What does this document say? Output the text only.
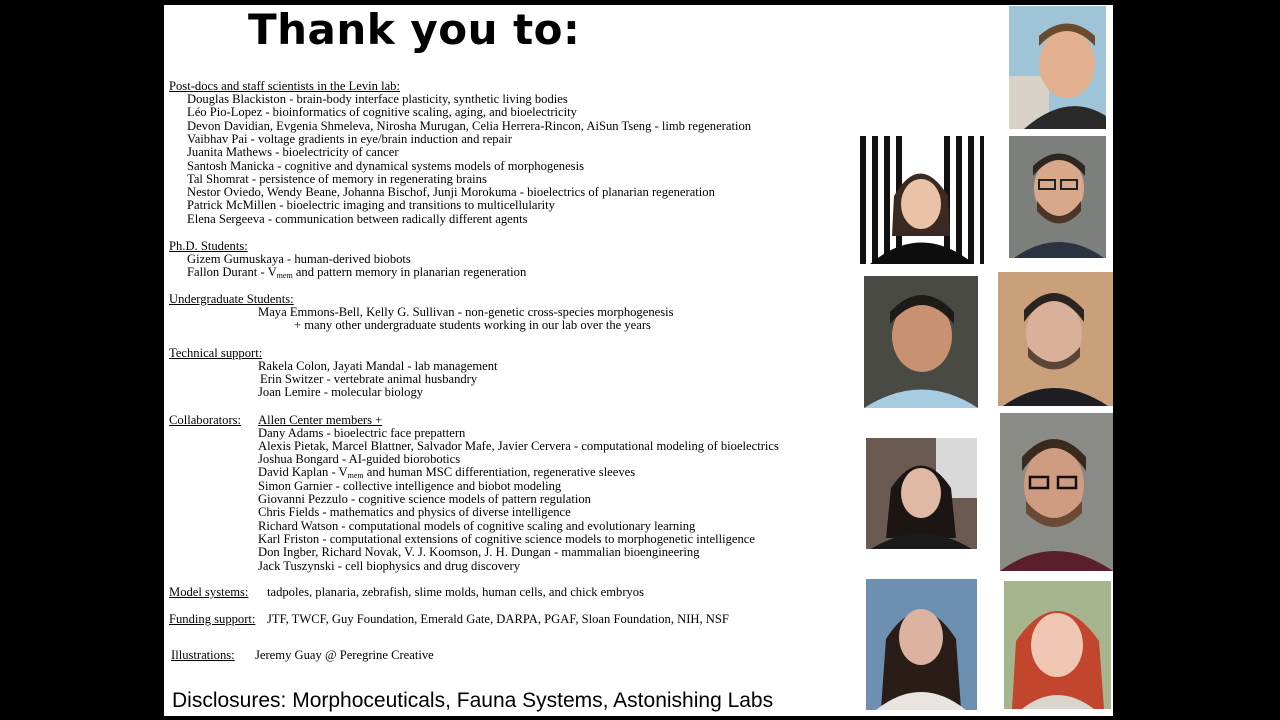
Thank you to:
Post-docs and staff scientists in the Levin lab:
Douglas Blackiston - brain-body interface plasticity, synthetic living bodies
Léo Pio-Lopez - bioinformatics of cognitive scaling, aging, and bioelectricity
Devon Davidian, Evgenia Shmeleva, Nirosha Murugan, Celia Herrera-Rincon, AiSun Tseng - limb regeneration
Vaibhav Pai - voltage gradients in eye/brain induction and repair
Juanita Mathews - bioelectricity of cancer
Santosh Manicka - cognitive and dynamical systems models of morphogenesis
Tal Shomrat - persistence of memory in regenerating brains
Nestor Oviedo, Wendy Beane, Johanna Bischof, Junji Morokuma - bioelectrics of planarian regeneration
Patrick McMillen - bioelectric imaging and transitions to multicellularity
Elena Sergeeva - communication between radically different agents
Ph.D. Students:
Gizem Gumuskaya - human-derived biobots
Fallon Durant - $V_{mem}$ and pattern memory in planarian regeneration
Undergraduate Students:
Maya Emmons-Bell, Kelly G. Sullivan - non-genetic cross-species morphogenesis
+ many other undergraduate students working in our lab over the years
Technical support:
Rakela Colon, Jayati Mandal - lab management
Erin Switzer - vertebrate animal husbandry
Joan Lemire - molecular biology
Collaborators: Allen Center members +
Dany Adams - bioelectric face prepattern
Alexis Pietak, Marcel Blattner, Salvador Mafe, Javier Cervera - computational modeling of bioelectrics
Joshua Bongard - AI-guided biorobotics
David Kaplan - $V_{mem}$ and human MSC differentiation, regenerative sleeves
Simon Garnier - collective intelligence and biobot modeling
Giovanni Pezzulo - cognitive science models of pattern regulation
Chris Fields - mathematics and physics of diverse intelligence
Richard Watson - computational models of cognitive scaling and evolutionary learning
Karl Friston - computational extensions of cognitive science models to morphogenetic intelligence
Don Ingber, Richard Novak, V. J. Koomson, J. H. Dungan - mammalian bioengineering
Jack Tuszynski - cell biophysics and drug discovery
Model systems: tadpoles, planaria, zebrafish, slime molds, human cells, and chick embryos
Funding support: JTF, TWCF, Guy Foundation, Emerald Gate, DARPA, PGAF, Sloan Foundation, NIH, NSF
Illustrations: Jeremy Guay @ Peregrine Creative
Disclosures: Morphoceuticals, Fauna Systems, Astonishing Labs
